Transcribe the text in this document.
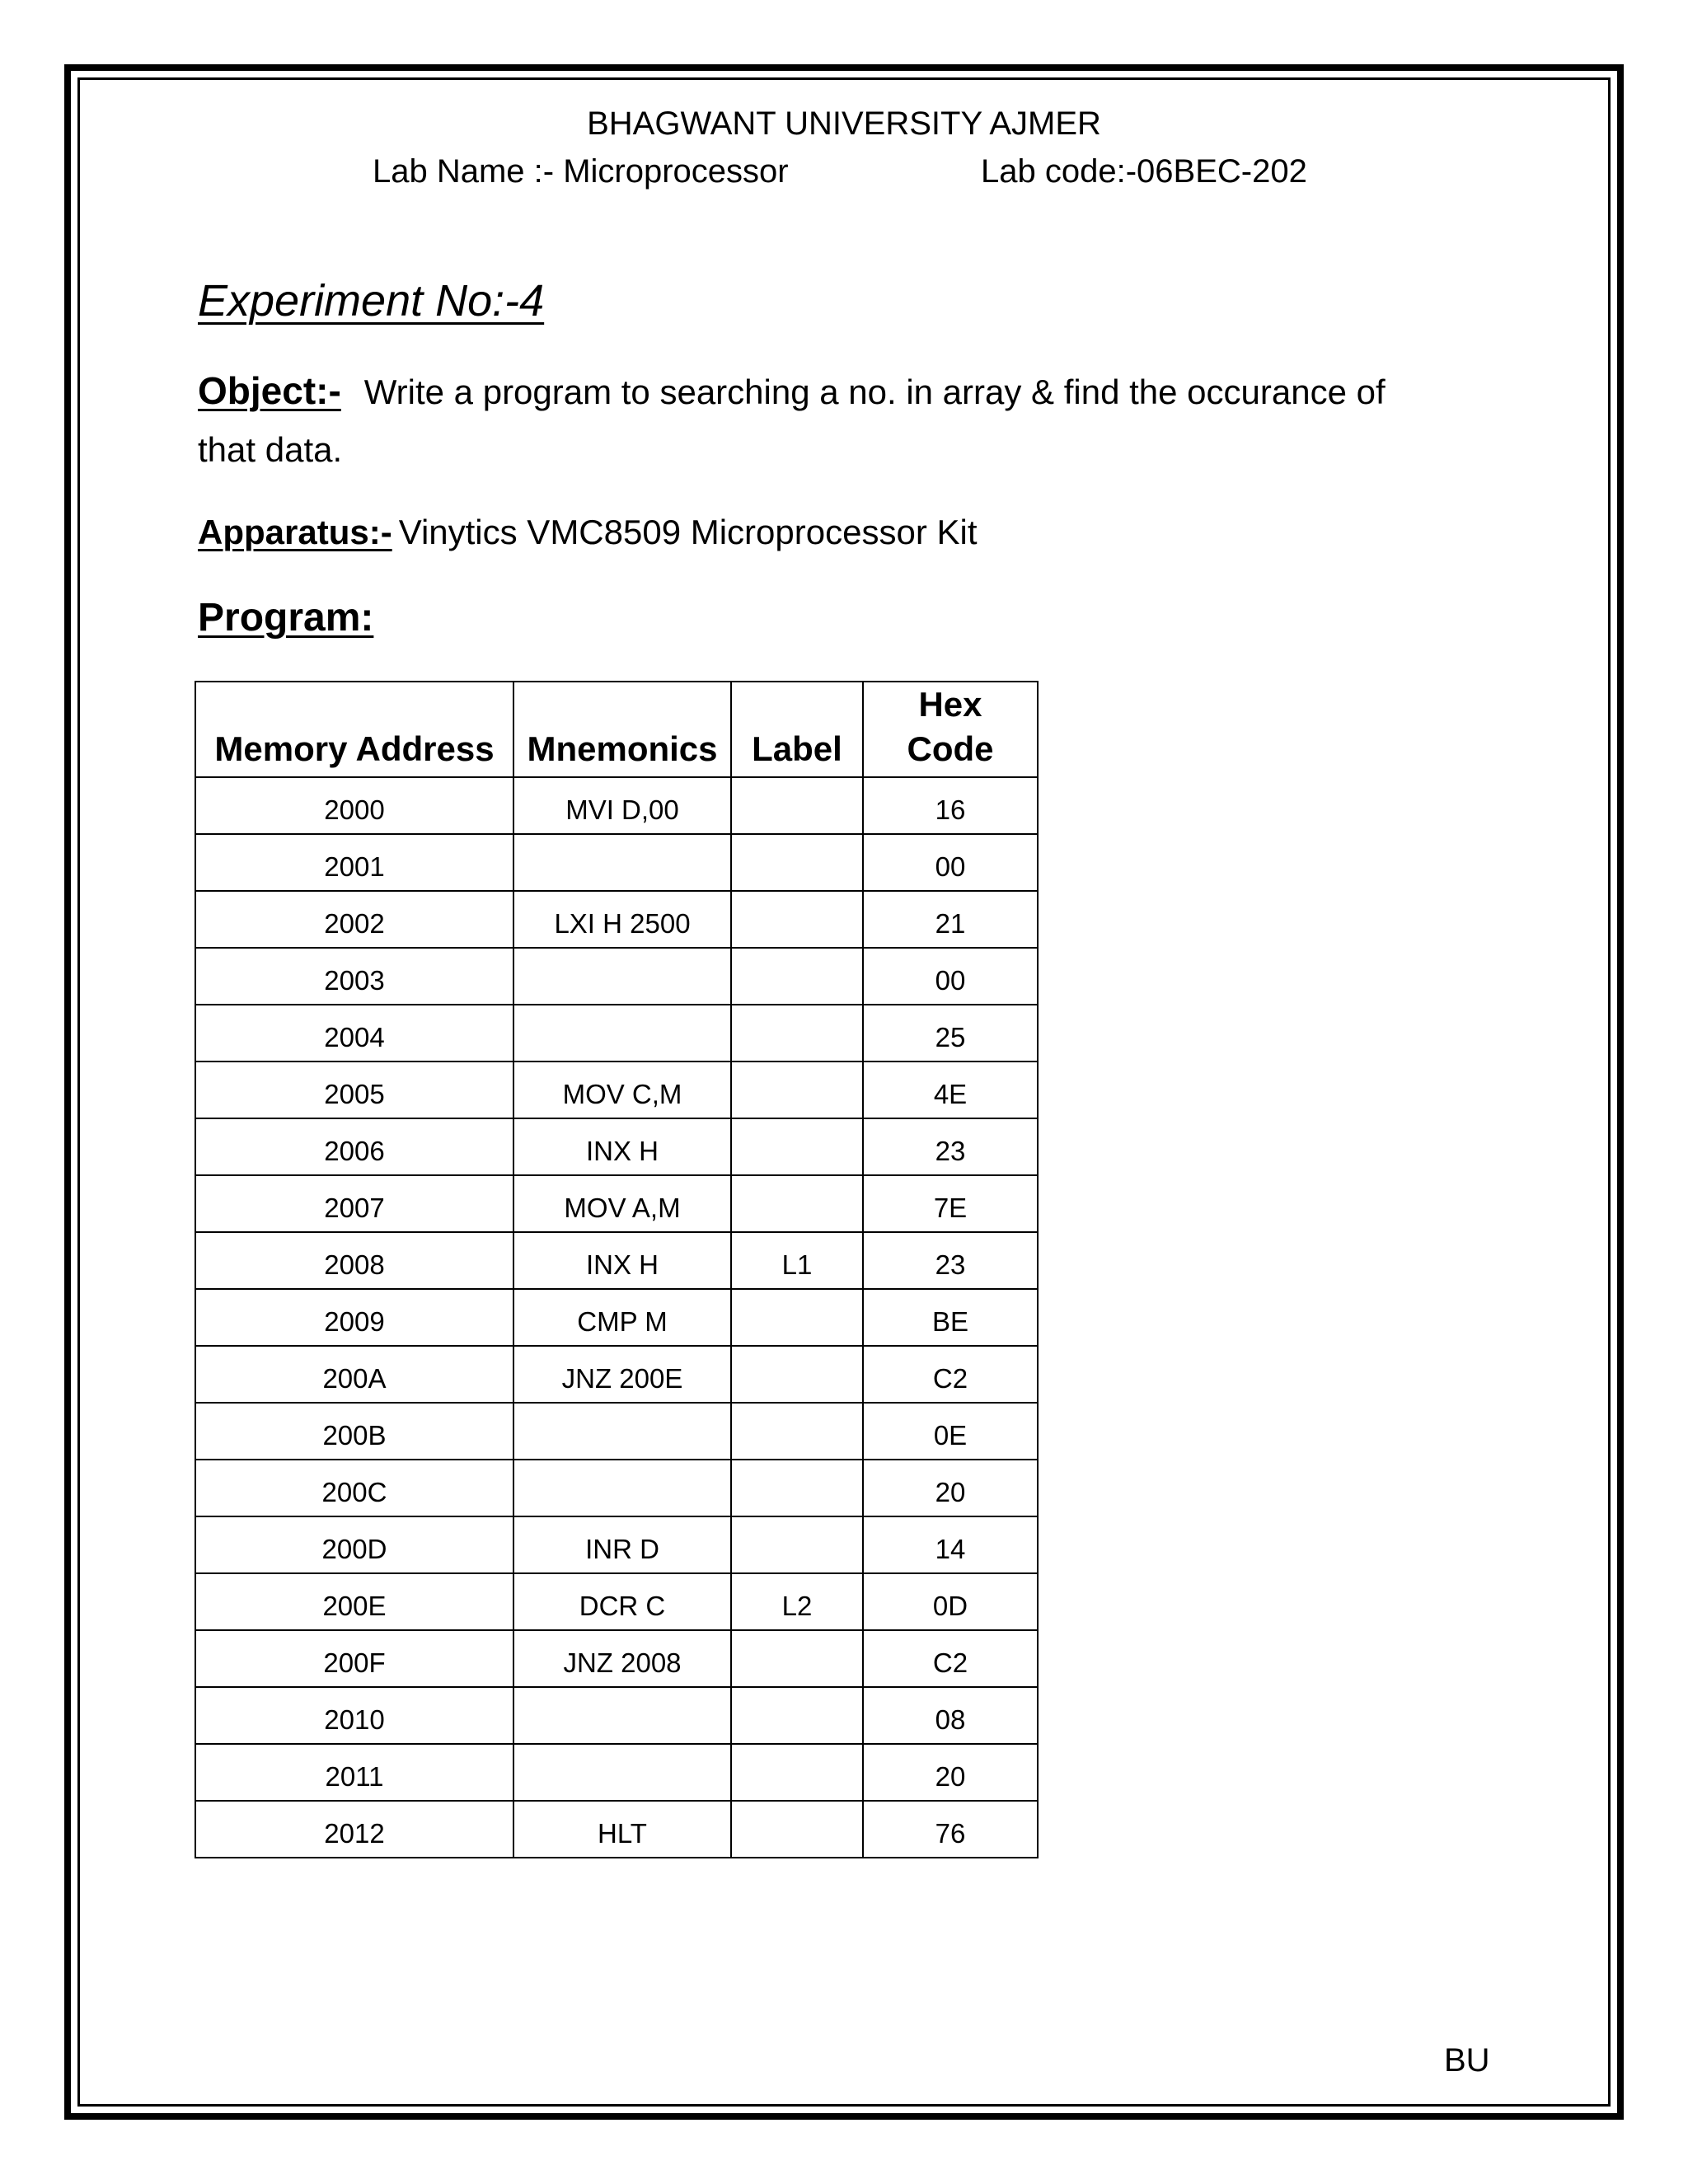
BHAGWANT UNIVERSITY AJMER
Lab Name :- Microprocessor	Lab code:-06BEC-202
Experiment No:-4
Object:- Write a program to searching a no. in array & find the occurance of
that data.
Apparatus:- Vinytics VMC8509 Microprocessor Kit
Program:
Memory Address	Mnemonics	Label	Hex
Code
2000	MVI D,00		16
2001			00
2002	LXI H 2500		21
2003			00
2004			25
2005	MOV C,M		4E
2006	INX H		23
2007	MOV A,M		7E
2008	INX H	L1	23
2009	CMP M		BE
200A	JNZ 200E		C2
200B			0E
200C			20
200D	INR D		14
200E	DCR C	L2	0D
200F	JNZ 2008		C2
2010			08
2011			20
2012	HLT		76
BU
